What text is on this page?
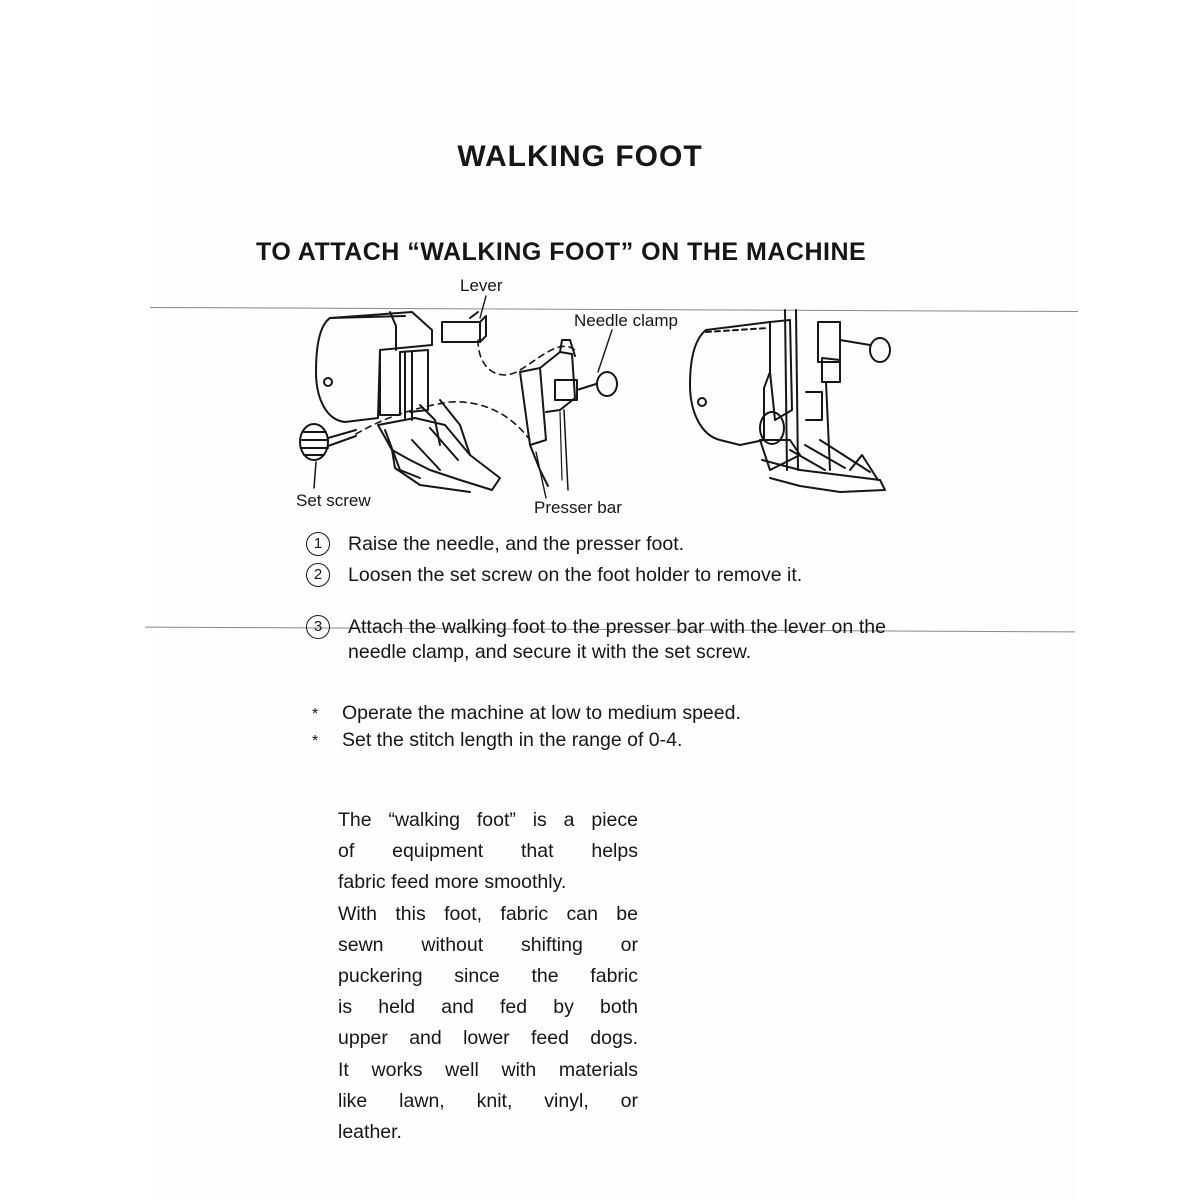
WALKING FOOT
TO ATTACH “WALKING FOOT” ON THE MACHINE
Lever
Needle clamp
Set screw	Presser bar
1	Raise the needle, and the presser foot.
2	Loosen the set screw on the foot holder to remove it.
3	Attach the walking foot to the presser bar with the lever on the needle clamp, and secure it with the set screw.
* Operate the machine at low to medium speed.
* Set the stitch length in the range of 0-4.
The “walking foot” is a piece
of equipment that helps
fabric feed more smoothly.
With this foot, fabric can be
sewn without shifting or
puckering since the fabric
is held and fed by both
upper and lower feed dogs.
It works well with materials
like lawn, knit, vinyl, or
leather.
